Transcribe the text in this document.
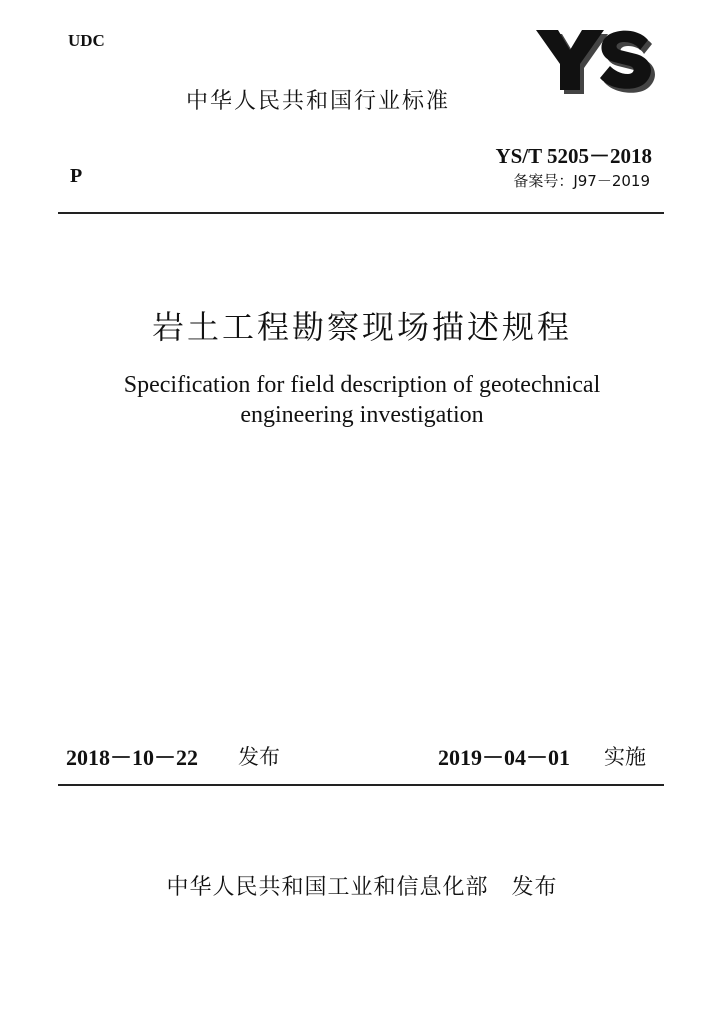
UDC
中华人民共和国行业标准
YS/T 5205－2018
P	备案号：J97－2019
岩土工程勘察现场描述规程
Specification for field description of geotechnical
engineering investigation
2018－10－22 发布	2019－04－01 实施
中华人民共和国工业和信息化部　发布
